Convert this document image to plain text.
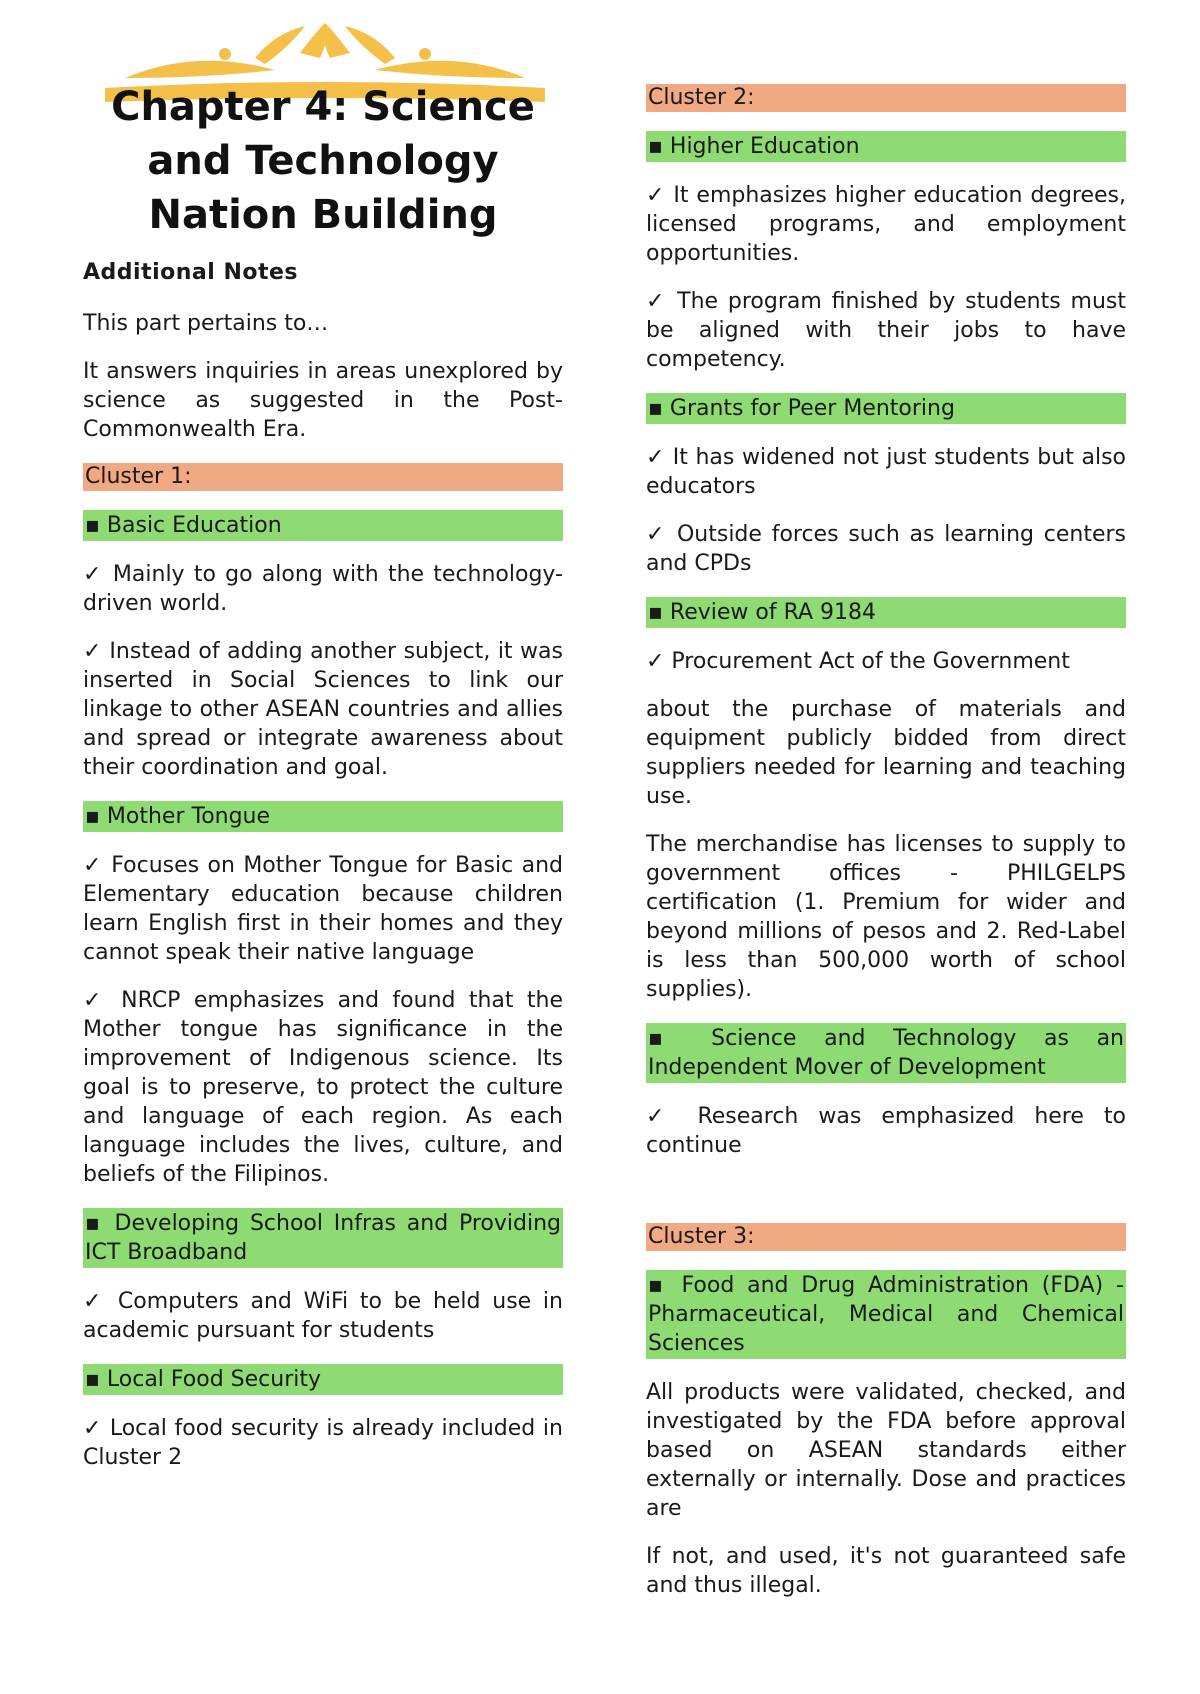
Chapter 4: Science and Technology Nation Building

Additional Notes

This part pertains to…

It answers inquiries in areas unexplored by science as suggested in the Post-Commonwealth Era.

Cluster 1:
▪ Basic Education

✓ Mainly to go along with the technology-driven world.

✓ Instead of adding another subject, it was inserted in Social Sciences to link our linkage to other ASEAN countries and allies and spread or integrate awareness about their coordination and goal.

▪ Mother Tongue

✓ Focuses on Mother Tongue for Basic and Elementary education because children learn English first in their homes and they cannot speak their native language

✓ NRCP emphasizes and found that the Mother tongue has significance in the improvement of Indigenous science. Its goal is to preserve, to protect the culture and language of each region. As each language includes the lives, culture, and beliefs of the Filipinos.

▪ Developing School Infras and Providing ICT Broadband

✓ Computers and WiFi to be held use in academic pursuant for students

▪ Local Food Security

✓ Local food security is already included in Cluster 2

Cluster 2:
▪ Higher Education

✓ It emphasizes higher education degrees, licensed programs, and employment opportunities.

✓ The program finished by students must be aligned with their jobs to have competency.

▪ Grants for Peer Mentoring

✓ It has widened not just students but also educators

✓ Outside forces such as learning centers and CPDs

▪ Review of RA 9184

✓ Procurement Act of the Government

about the purchase of materials and equipment publicly bidded from direct suppliers needed for learning and teaching use.

The merchandise has licenses to supply to government offices - PHILGELPS certification (1. Premium for wider and beyond millions of pesos and 2. Red-Label is less than 500,000 worth of school supplies).

▪ Science and Technology as an Independent Mover of Development

✓ Research was emphasized here to continue

Cluster 3:
▪ Food and Drug Administration (FDA) - Pharmaceutical, Medical and Chemical Sciences

All products were validated, checked, and investigated by the FDA before approval based on ASEAN standards either externally or internally. Dose and practices are

If not, and used, it's not guaranteed safe and thus illegal.
